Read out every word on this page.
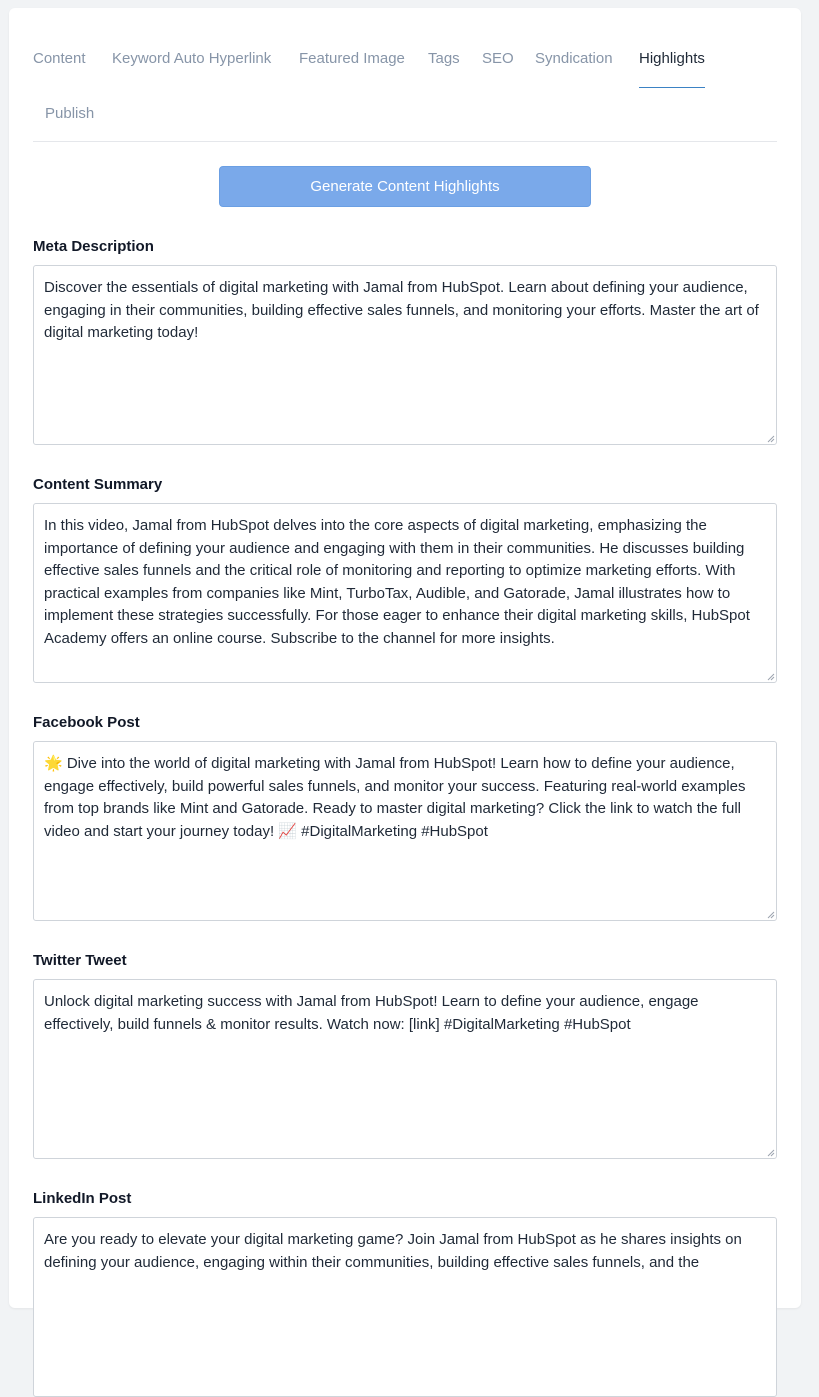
Content Keyword Auto Hyperlink Featured Image Tags SEO Syndication Highlights
Publish
Generate Content Highlights
Meta Description
Discover the essentials of digital marketing with Jamal from HubSpot. Learn about defining your audience, engaging in their communities, building effective sales funnels, and monitoring your efforts. Master the art of digital marketing today!
Content Summary
In this video, Jamal from HubSpot delves into the core aspects of digital marketing, emphasizing the importance of defining your audience and engaging with them in their communities. He discusses building effective sales funnels and the critical role of monitoring and reporting to optimize marketing efforts. With practical examples from companies like Mint, TurboTax, Audible, and Gatorade, Jamal illustrates how to implement these strategies successfully. For those eager to enhance their digital marketing skills, HubSpot Academy offers an online course. Subscribe to the channel for more insights.
Facebook Post
🌟 Dive into the world of digital marketing with Jamal from HubSpot! Learn how to define your audience, engage effectively, build powerful sales funnels, and monitor your success. Featuring real-world examples from top brands like Mint and Gatorade. Ready to master digital marketing? Click the link to watch the full video and start your journey today! 📈 #DigitalMarketing #HubSpot
Twitter Tweet
Unlock digital marketing success with Jamal from HubSpot! Learn to define your audience, engage effectively, build funnels & monitor results. Watch now: [link] #DigitalMarketing #HubSpot
LinkedIn Post
Are you ready to elevate your digital marketing game? Join Jamal from HubSpot as he shares insights on defining your audience, engaging within their communities, building effective sales funnels, and the
